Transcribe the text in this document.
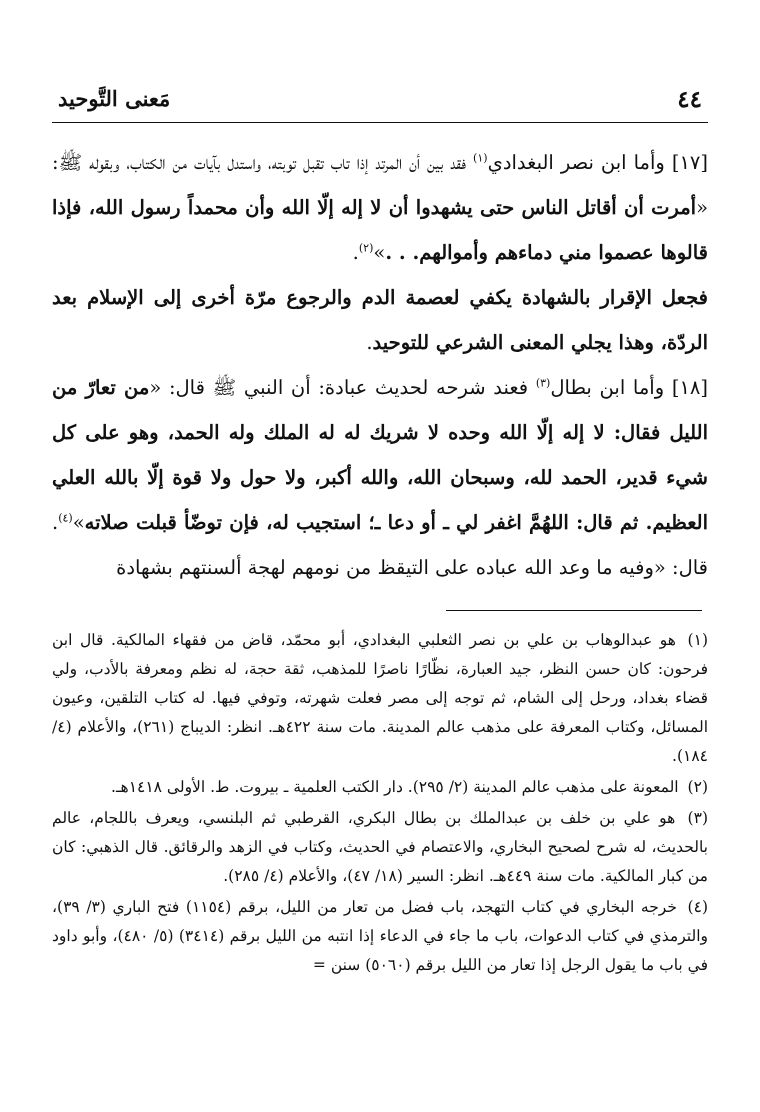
٤٤
مَعنى التَّوحيد

[١٧] وأما ابن نصر البغدادي$^{(١)}$ فقد بين أن المرتد إذا تاب تقبل توبته، واستدل بآيات من الكتاب، وبقوله ﷺ: «أمرت أن أقاتل الناس حتى يشهدوا أن لا إله إلّا الله وأن محمداً رسول الله، فإذا قالوها عصموا مني دماءهم وأموالهم. . .»$^{(٢)}$.

فجعل الإقرار بالشهادة يكفي لعصمة الدم والرجوع مرّة أخرى إلى الإسلام بعد الردّة، وهذا يجلي المعنى الشرعي للتوحيد.

[١٨] وأما ابن بطال$^{(٣)}$ فعند شرحه لحديث عبادة: أن النبي ﷺ قال: «من تعارّ من الليل فقال: لا إله إلّا الله وحده لا شريك له له الملك وله الحمد، وهو على كل شيء قدير، الحمد لله، وسبحان الله، والله أكبر، ولا حول ولا قوة إلّا بالله العلي العظيم. ثم قال: اللهُمَّ اغفر لي ـ أو دعا ـ؛ استجيب له، فإن توضّأ قبلت صلاته»$^{(٤)}$. قال: «وفيه ما وعد الله عباده على التيقظ من نومهم لهجة ألسنتهم بشهادة

(١) هو عبدالوهاب بن علي بن نصر الثعلبي البغدادي، أبو محمّد، قاض من فقهاء المالكية. قال ابن فرحون: كان حسن النظر، جيد العبارة، نظّارًا ناصرًا للمذهب، ثقة حجة، له نظم ومعرفة بالأدب، ولي قضاء بغداد، ورحل إلى الشام، ثم توجه إلى مصر فعلت شهرته، وتوفي فيها. له كتاب التلقين، وعيون المسائل، وكتاب المعرفة على مذهب عالم المدينة. مات سنة ٤٢٢هـ. انظر: الديباج (٢٦١)، والأعلام (٤/ ١٨٤).

(٢) المعونة على مذهب عالم المدينة (٢/ ٢٩٥). دار الكتب العلمية ـ بيروت. ط. الأولى ١٤١٨هـ.

(٣) هو علي بن خلف بن عبدالملك بن بطال البكري، القرطبي ثم البلنسي، ويعرف باللجام، عالم بالحديث، له شرح لصحيح البخاري، والاعتصام في الحديث، وكتاب في الزهد والرقائق. قال الذهبي: كان من كبار المالكية. مات سنة ٤٤٩هـ. انظر: السير (١٨/ ٤٧)، والأعلام (٤/ ٢٨٥).

(٤) خرجه البخاري في كتاب التهجد، باب فضل من تعار من الليل، برقم (١١٥٤) فتح الباري (٣/ ٣٩)، والترمذي في كتاب الدعوات، باب ما جاء في الدعاء إذا انتبه من الليل برقم (٣٤١٤) (٥/ ٤٨٠)، وأبو داود في باب ما يقول الرجل إذا تعار من الليل برقم (٥٠٦٠) سنن =
